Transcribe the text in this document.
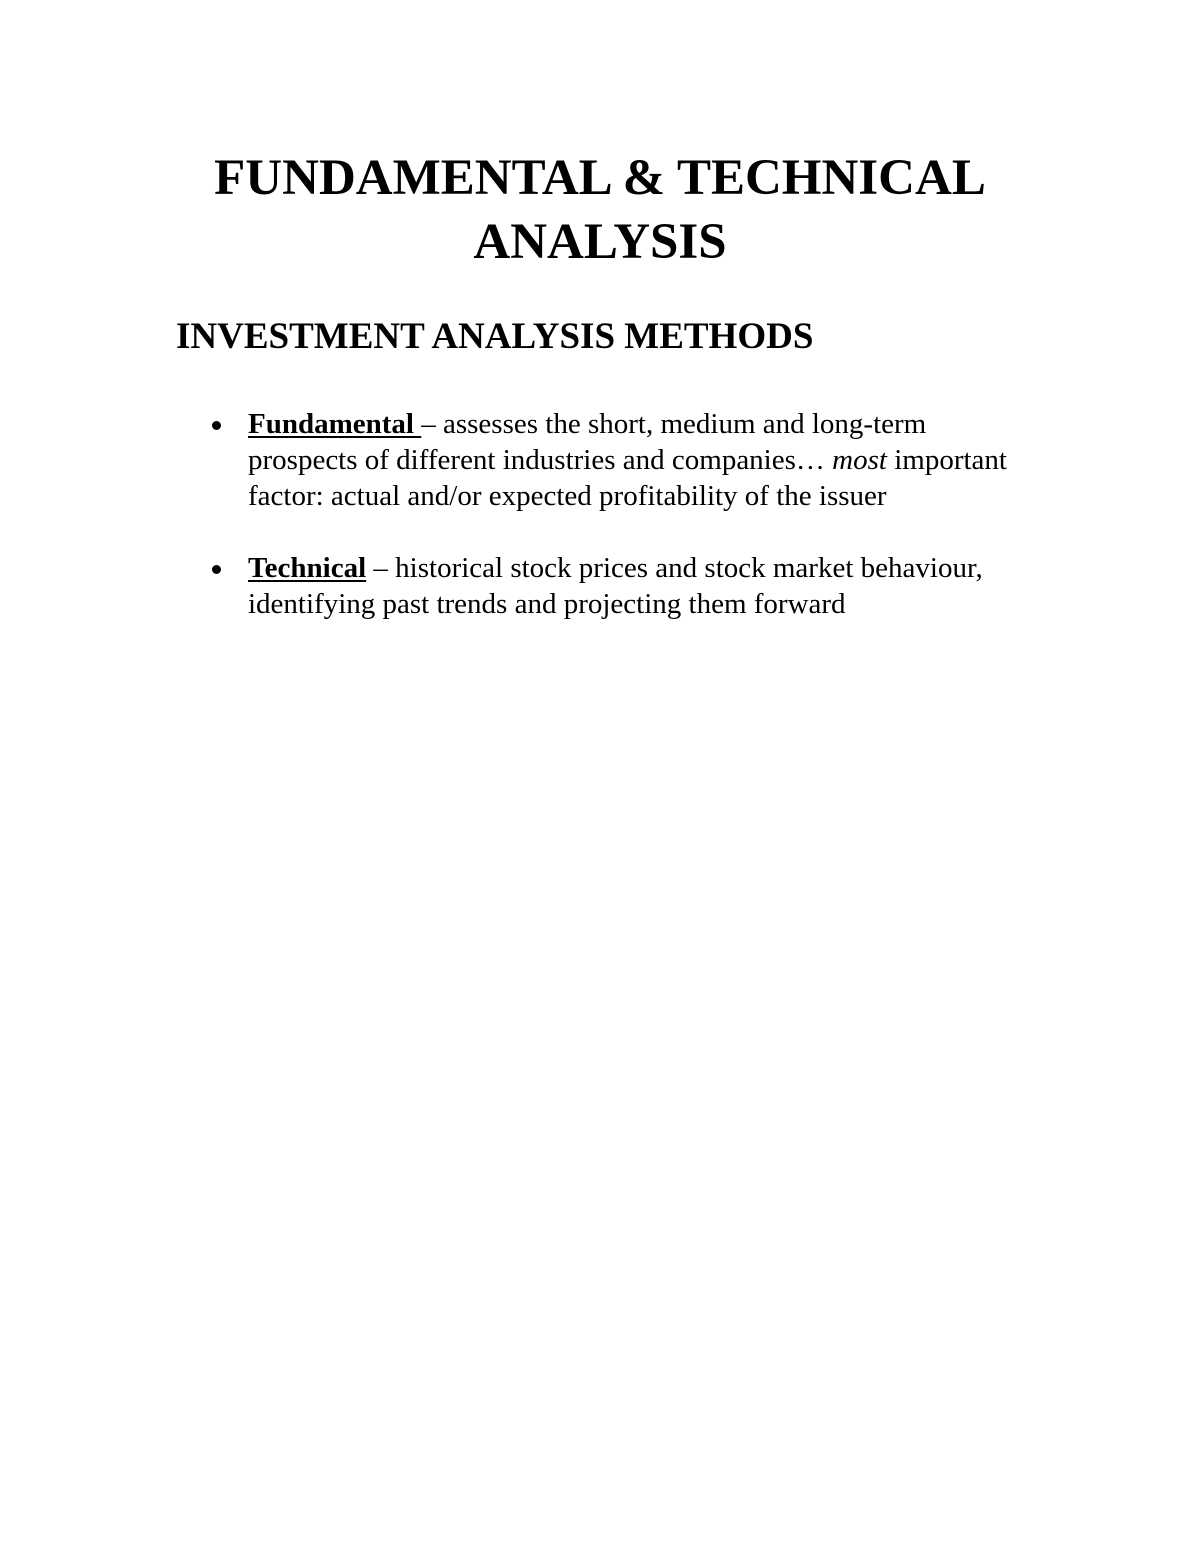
FUNDAMENTAL & TECHNICAL
ANALYSIS
INVESTMENT ANALYSIS METHODS
Fundamental – assesses the short, medium and long-term prospects of different industries and companies… most important factor: actual and/or expected profitability of the issuer
Technical – historical stock prices and stock market behaviour, identifying past trends and projecting them forward
